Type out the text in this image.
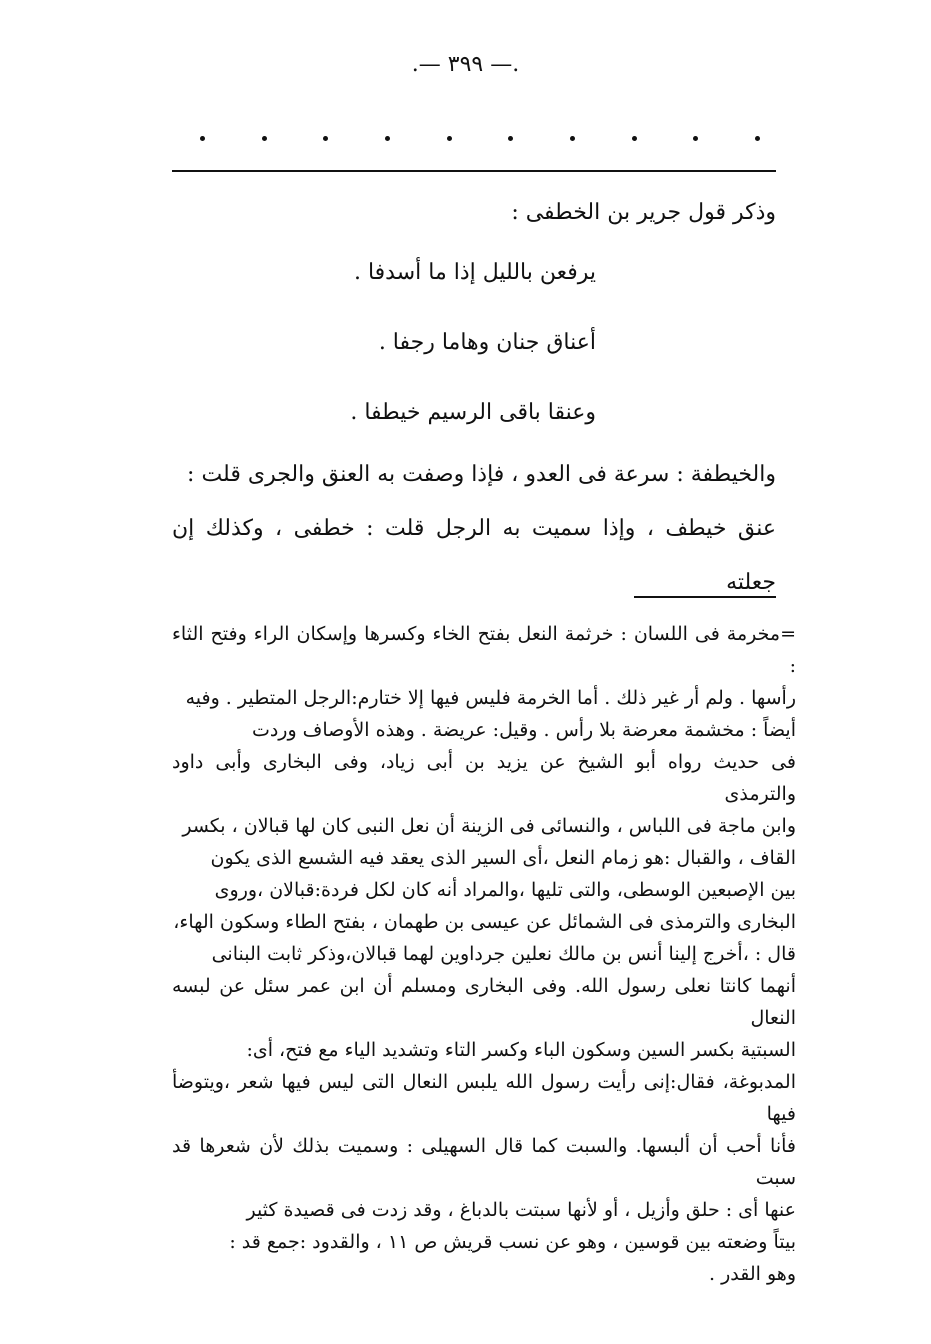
.— ٣٩٩ —.

وذكر قول جرير بن الخطفى :

يرفعن بالليل إذا ما أسدفا .

أعناق جنان وهاما رجفا .

وعنقا باقى الرسيم خيطفا .

والخيطفة : سرعة فى العدو ، فإذا وصفت به العنق والجرى قلت :

عنق خيطف ، وإذا سميت به الرجل قلت : خطفى ، وكذلك إن جعلته

=مخرمة فى اللسان : خرثمة النعل بفتح الخاء وكسرها وإسكان الراء وفتح الثاء :

رأسها . ولم أر غير ذلك . أما الخرمة فليس فيها إلا ختارم:الرجل المتطير . وفيه

أيضاً : مخشمة معرضة بلا رأس . وقيل: عريضة . وهذه الأوصاف وردت

فى حديث رواه أبو الشيخ عن يزيد بن أبى زياد، وفى البخارى وأبى داود والترمذى

وابن ماجة فى اللباس ، والنسائى فى الزينة أن نعل النبى كان لها قبالان ، بكسر

القاف ، والقبال :هو زمام النعل ،أى السير الذى يعقد فيه الشسع الذى يكون

بين الإصبعين الوسطى، والتى تليها ،والمراد أنه كان لكل فردة:قبالان ،وروى

البخارى والترمذى فى الشمائل عن عيسى بن طهمان ، بفتح الطاء وسكون الهاء،

قال : ،أخرج إلينا أنس بن مالك نعلين جرداوين لهما قبالان،وذكر ثابت البنانى

أنهما كانتا نعلى رسول الله. وفى البخارى ومسلم أن ابن عمر سئل عن لبسه النعال

السبتية بكسر السين وسكون الباء وكسر التاء وتشديد الياء مع فتح، أى:

المدبوغة، فقال:إنى رأيت رسول الله يلبس النعال التى ليس فيها شعر ،ويتوضأ فيها

فأنا أحب أن ألبسها. والسبت كما قال السهيلى : وسميت بذلك لأن شعرها قد سبت

عنها أى : حلق وأزيل ، أو لأنها سبتت بالدباغ ، وقد زدت فى قصيدة كثير

بيتاً وضعته بين قوسين ، وهو عن نسب قريش ص ١١ ، والقدود :جمع قد :

وهو القدر .
